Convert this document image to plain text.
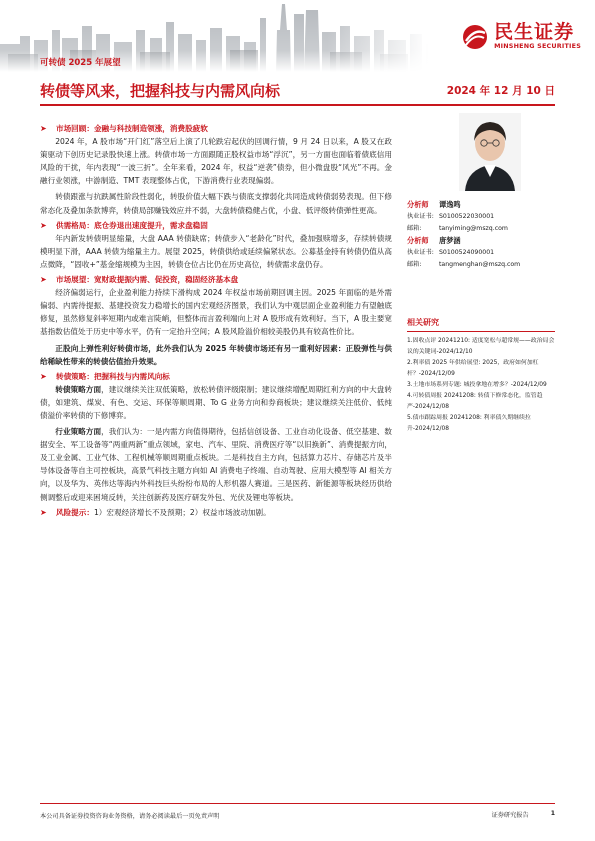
民生证券
MINSHENG SECURITIES
可转债 2025 年展望
转债等风来，把握科技与内需风向标	2024 年 12 月 10 日
➤ 市场回顾：金融与科技制造领涨，消费股疲软

2024 年，A 股市场“开门红”落空后上演了几轮跌宕起伏的回调行情，9 月 24 日以来，A 股又在政策驱动下创历史记录股快速上涨。转债市场一方面跟随正股权益市场“浮沉”，另一方面也面临着债底信用风险的干扰，年内表现“一波三折”。全年来看，2024 年，权益“逆袭”债券，但小微盘股“风光”不再。金融行业领涨，中游制造、TMT 表现整体占优，下游消费行业表现偏弱。

转债跟涨与抗跌属性阶段性弱化，转股价值大幅下跌与债底支撑弱化共同造成转债弱势表现。但下修常态化及叠加条款博弈，转债局部赚钱效应并不弱，大盘转债稳健占优，小盘、低评级转债弹性更高。

➤ 供需格局：底仓券退出速度提升，需求盘稳固

年内新发转债明显缩量，大盘 AAA 转债缺席；转债步入“老龄化”时代，叠加强赎增多，存续转债规模明显下滑，AAA 转债为缩量主力。展望 2025，转债供给或延续偏紧状态。公募基金持有转债仍值从高点微降，“固收+”基金缩规模为主因，转债仓位占比仍在历史高位，转债需求盘仍存。

➤ 市场展望：宽财政提振内需、促投资，稳固经济基本盘

经济偏弱运行，企业盈利能力持续下滑构成 2024 年权益市场前期回调主因。2025 年面临的是外需偏弱、内需待提振、基建投资发力稳增长的国内宏观经济图景，我们认为中观层面企业盈利能力有望触底修复，虽然修复斜率短期内或难言陡峭，但整体而言盈利端向上对 A 股形成有效利好。当下，A 股主要宽基指数估值处于历史中等水平，仍有一定抬升空间；A 股风险溢价相较美股仍具有较高性价比。

正股向上弹性利好转债市场，此外我们认为 2025 年转债市场还有另一重利好因素：正股弹性与供给稀缺性带来的转债估值抬升效果。

➤ 转债策略：把握科技与内需风向标

转债策略方面，建议继续关注双低策略，放松转债评级限制；建议继续增配周期红利方向的中大盘转债，如建筑、煤炭、有色、交运、环保等顺周期、To G 业务方向和券商板块；建议继续关注低价、低纯债溢价率转债的下修博弈。

行业策略方面，我们认为：一是内需方向值得期待，包括信创设备、工业自动化设备、低空基建、数据安全、军工设备等“两重两新”重点领域，家电、汽车、里院、消费医疗等“以旧换新”、消费提振方向，及工业金属、工业气体、工程机械等顺周期重点板块。二是科技自主方向，包括算力芯片、存储芯片及半导体设备等自主可控板块，高景气科技主题方向如 AI 消费电子终端、自动驾驶、应用大模型等 AI 相关方向，以及华为、英伟达等海内外科技巨头纷纷布局的人形机器人赛道。三是医药、新能源等板块经历供给侧调整后或迎来困境反转，关注创新药及医疗研发外包、光伏及锂电等板块。

➤ 风险提示： 1）宏观经济增长不及预期；2）权益市场波动加剧。
分析师	谭逸鸣
执业证书: S0100522030001
邮箱:	tanyiming@mszq.com
分析师	唐梦涵
执业证书: S0100524090001
邮箱:	tangmenghan@mszq.com
相关研究
1.固收点评 20241210: 适度宽松与超常规——政治局会议的关键词-2024/12/10
2.利率债 2025 年供给展望: 2025，政府如何加杠杆？-2024/12/09
3.土地市场系列专题: 城投拿地在增多？-2024/12/09
4.可转债周报 20241208: 转债下修常态化，监管趋严-2024/12/08
5.债市跟踪周报 20241208: 利率债久期继续拉升-2024/12/08
本公司具备证券投资咨询业务资格，请务必阅读最后一页免责声明	证券研究报告	1
